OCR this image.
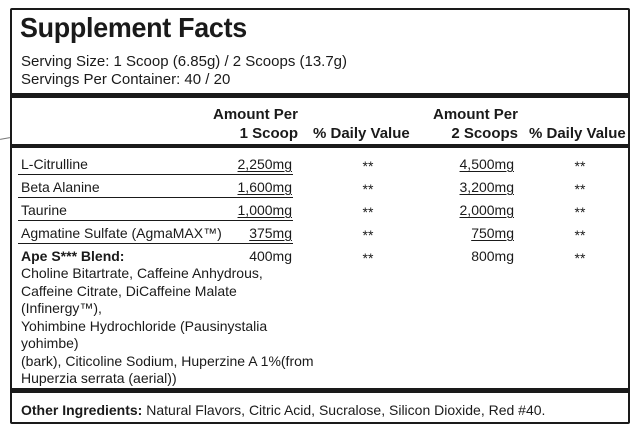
Supplement Facts
Serving Size: 1 Scoop (6.85g) / 2 Scoops (13.7g)
Servings Per Container: 40 / 20
Amount Per
1 Scoop % Daily Value
Amount Per
2 Scoops % Daily Value
L-Citrulline	2,250mg	**	4,500mg	**
Beta Alanine	1,600mg	**	3,200mg	**
Taurine	1,000mg	**	2,000mg	**
Agmatine Sulfate (AgmaMAX™)	375mg	**	750mg	**
Ape S*** Blend:	400mg	**	800mg	**
Choline Bitartrate, Caffeine Anhydrous,
Caffeine Citrate, DiCaffeine Malate (Infinergy™),
Yohimbine Hydrochloride (Pausinystalia yohimbe)
(bark), Citicoline Sodium, Huperzine A 1%(from
Huperzia serrata (aerial))
Other Ingredients: Natural Flavors, Citric Acid, Sucralose, Silicon Dioxide, Red #40.
